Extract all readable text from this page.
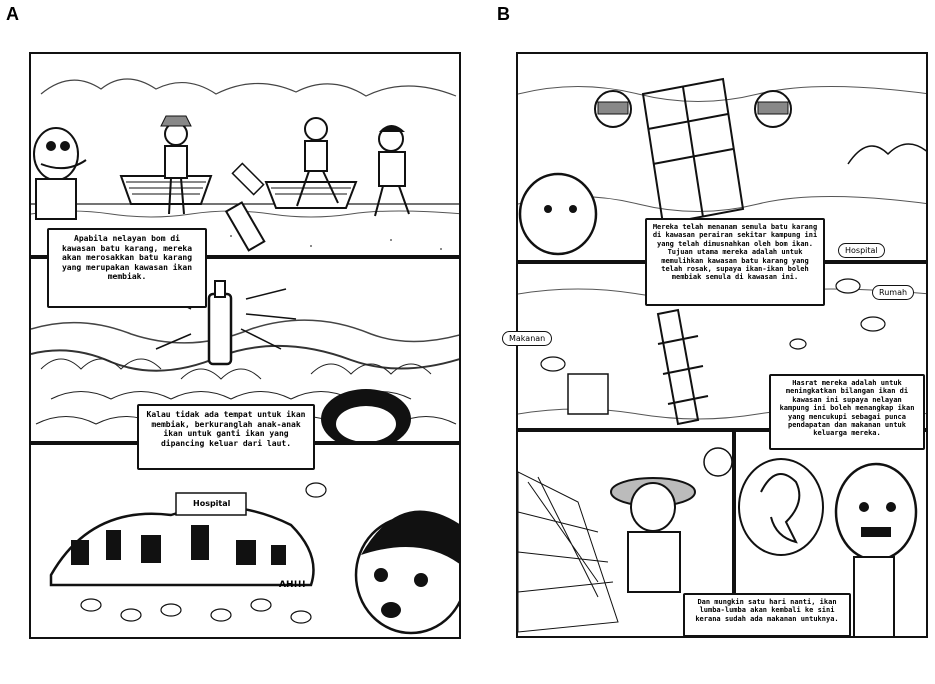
A	B
Hospital
AH!!!
Apabila nelayan bom di kawasan batu karang, mereka akan merosakkan batu karang yang merupakan kawasan ikan membiak.
Kalau tidak ada tempat untuk ikan membiak, berkuranglah anak-anak ikan untuk ganti ikan yang dipancing keluar dari laut.
Mereka telah menanam semula batu karang di kawasan perairan sekitar kampung ini yang telah dimusnahkan oleh bom ikan. Tujuan utama mereka adalah untuk memulihkan kawasan batu karang yang telah rosak, supaya ikan-ikan boleh membiak semula di kawasan ini.
Hasrat mereka adalah untuk meningkatkan bilangan ikan di kawasan ini supaya nelayan kampung ini boleh menangkap ikan yang mencukupi sebagai punca pendapatan dan makanan untuk keluarga mereka.
Dan mungkin satu hari nanti, ikan lumba-lumba akan kembali ke sini kerana sudah ada makanan untuknya.
Hospital
Rumah
Makanan
